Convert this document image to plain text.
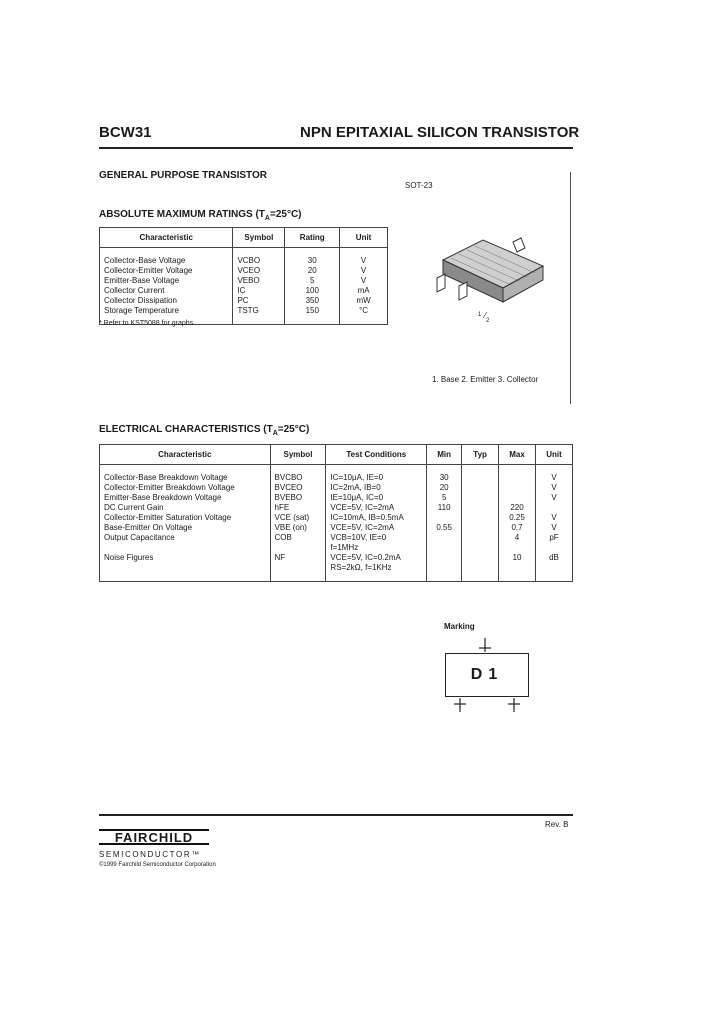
BCW31	NPN EPITAXIAL SILICON TRANSISTOR
GENERAL PURPOSE TRANSISTOR
SOT-23
1
2
1. Base 2. Emitter 3. Collector
ABSOLUTE MAXIMUM RATINGS $(T_A=25^\circ C)$
Characteristic	Symbol	Rating	Unit
Collector-Base Voltage	VCBO	30	V
Collector-Emitter Voltage	VCEO	20	V
Emitter-Base Voltage	VEBO	5	V
Collector Current	IC	100	mA
Collector Dissipation	PC	350	mW
Storage Temperature	TSTG	150	°C
* Refer to KST5088 for graphs
ELECTRICAL CHARACTERISTICS $(T_A=25^\circ C)$
Characteristic	Symbol	Test Conditions	Min	Typ	Max	Unit
Collector-Base Breakdown Voltage	BVCBO	IC=10μA, IE=0	30			V
Collector-Emitter Breakdown Voltage	BVCEO	IC=2mA, IB=0	20			V
Emitter-Base Breakdown Voltage	BVEBO	IE=10μA, IC=0	5			V
DC Current Gain	hFE	VCE=5V, IC=2mA	110		220	
Collector-Emitter Saturation Voltage	VCE (sat)	IC=10mA, IB=0.5mA			0.25	V
Base-Emitter On Voltage	VBE (on)	VCE=5V, IC=2mA	0.55		0.7	V
Output Capacitance	COB	VCB=10V, IE=0			4	pF
		f=1MHz				
Noise Figures	NF	VCE=5V, IC=0.2mA			10	dB
		RS=2kΩ, f=1KHz				
Marking
D1
Rev. B
FAIRCHILD
SEMICONDUCTOR™
©1999 Fairchild Semiconductor Corporation
